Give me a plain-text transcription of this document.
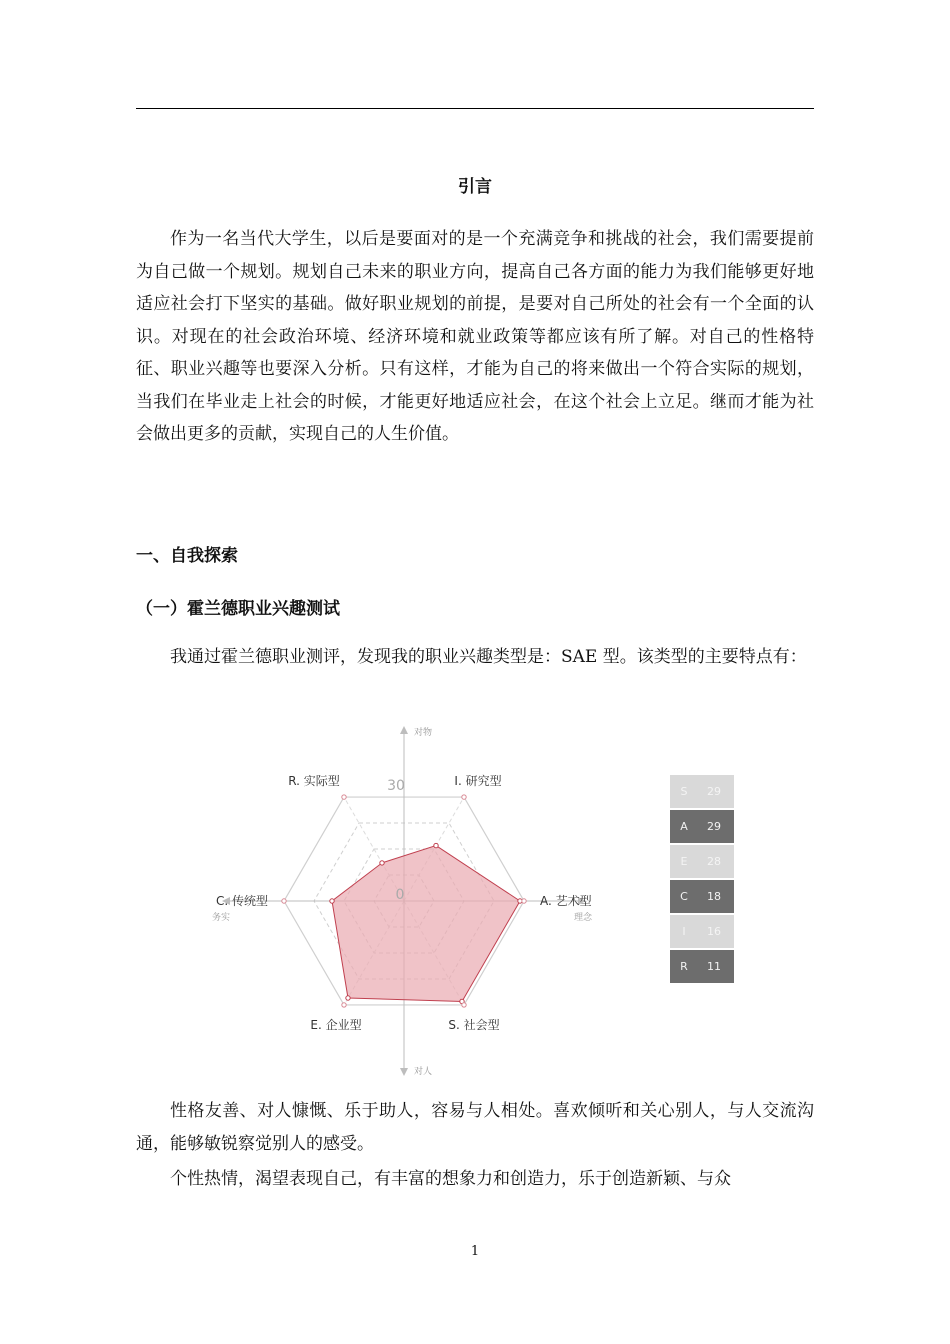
引言

作为一名当代大学生，以后是要面对的是一个充满竞争和挑战的社会，我们需要提前为自己做一个规划。规划自己未来的职业方向，提高自己各方面的能力为我们能够更好地适应社会打下坚实的基础。做好职业规划的前提，是要对自己所处的社会有一个全面的认识。对现在的社会政治环境、经济环境和就业政策等都应该有所了解。对自己的性格特征、职业兴趣等也要深入分析。只有这样，才能为自己的将来做出一个符合实际的规划，当我们在毕业走上社会的时候，才能更好地适应社会，在这个社会上立足。继而才能为社会做出更多的贡献，实现自己的人生价值。

一、自我探索
（一）霍兰德职业兴趣测试

我通过霍兰德职业测评，发现我的职业兴趣类型是：SAE 型。该类型的主要特点有：

R. 实际型	I. 研究型
A. 艺术型
S. 社会型
E. 企业型
C. 传统型
30
0
对物
对人
务实	理念
S	29
A	29
E	28
C	18
I	16
R	11

性格友善、对人慷慨、乐于助人，容易与人相处。喜欢倾听和关心别人，与人交流沟通，能够敏锐察觉别人的感受。

个性热情，渴望表现自己，有丰富的想象力和创造力，乐于创造新颖、与众

1
